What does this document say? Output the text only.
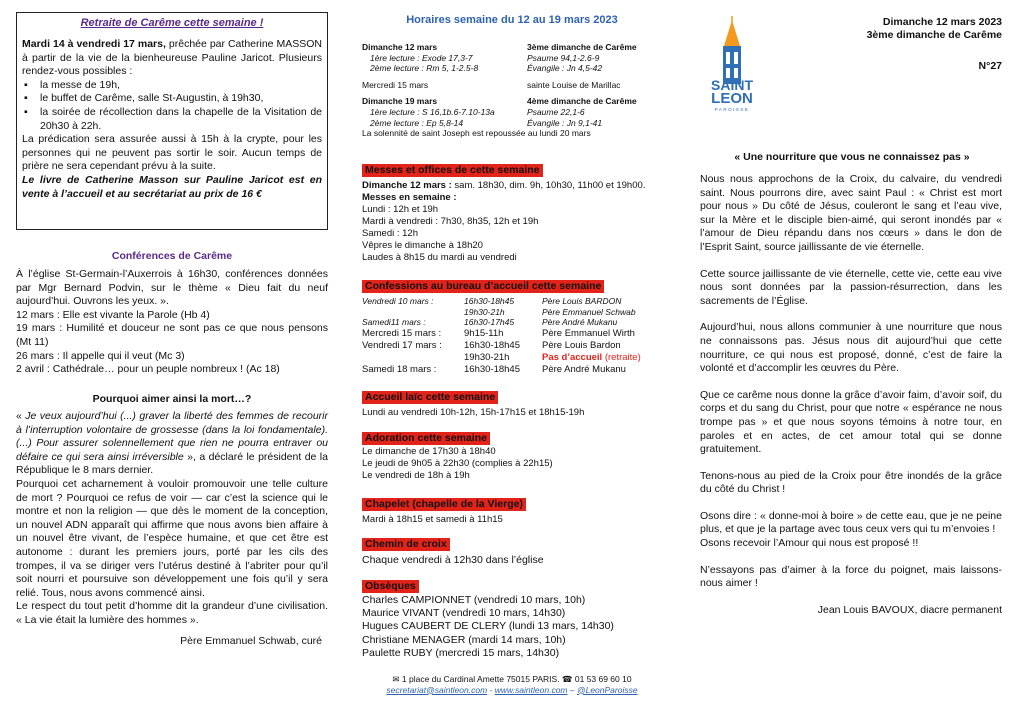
Retraite de Carême cette semaine !

Mardi 14 à vendredi 17 mars, prêchée par Catherine MASSON à partir de la vie de la bienheureuse Pauline Jaricot. Plusieurs rendez-vous possibles :

▪ la messe de 19h,
▪ le buffet de Carême, salle St-Augustin, à 19h30,
▪ la soirée de récollection dans la chapelle de la Visitation de 20h30 à 22h.

La prédication sera assurée aussi à 15h à la crypte, pour les personnes qui ne peuvent pas sortir le soir. Aucun temps de prière ne sera cependant prévu à la suite.

Le livre de Catherine Masson sur Pauline Jaricot est en vente à l’accueil et au secrétariat au prix de 16 €

Conférences de Carême

À l’église St-Germain-l’Auxerrois à 16h30, conférences données par Mgr Bernard Podvin, sur le thème « Dieu fait du neuf aujourd’hui. Ouvrons les yeux. ».

12 mars : Elle est vivante la Parole (Hb 4)

19 mars : Humilité et douceur ne sont pas ce que nous pensons (Mt 11)

26 mars : Il appelle qui il veut (Mc 3)

2 avril : Cathédrale… pour un peuple nombreux ! (Ac 18)

Pourquoi aimer ainsi la mort…?

« Je veux aujourd’hui (...) graver la liberté des femmes de recourir à l’interruption volontaire de grossesse (dans la loi fondamentale). (...) Pour assurer solennellement que rien ne pourra entraver ou défaire ce qui sera ainsi irréversible », a déclaré le président de la République le 8 mars dernier.

Pourquoi cet acharnement à vouloir promouvoir une telle culture de mort ? Pourquoi ce refus de voir — car c’est la science qui le montre et non la religion — que dès le moment de la conception, un nouvel ADN apparaît qui affirme que nous avons bien affaire à un nouvel être vivant, de l’espèce humaine, et que cet être est autonome : durant les premiers jours, porté par les cils des trompes, il va se diriger vers l’utérus destiné à l’abriter pour qu’il soit nourri et poursuive son développement une fois qu’il y sera relié. Tous, nous avons commencé ainsi.

Le respect du tout petit d’homme dit la grandeur d’une civilisation. « La vie était la lumière des hommes ».

Père Emmanuel Schwab, curé

Horaires semaine du 12 au 19 mars 2023

Dimanche 12 mars	3ème dimanche de Carême
1ère lecture : Exode 17,3-7	Psaume 94,1-2.6-9
2ème lecture : Rm 5, 1-2.5-8	Évangile : Jn 4,5-42
Mercredi 15 mars	sainte Louise de Marillac
Dimanche 19 mars	4ème dimanche de Carême
1ère lecture : S 16,1b.6-7.10-13a	Psaume 22,1-6
2ème lecture : Ep 5,8-14	Évangile : Jn 9,1-41

La solennité de saint Joseph est repoussée au lundi 20 mars

Messes et offices de cette semaine

Dimanche 12 mars : sam. 18h30, dim. 9h, 10h30, 11h00 et 19h00.

Messes en semaine :

Lundi : 12h et 19h

Mardi à vendredi : 7h30, 8h35, 12h et 19h

Samedi : 12h

Vêpres le dimanche à 18h20

Laudes à 8h15 du mardi au vendredi

Confessions au bureau d’accueil cette semaine
Vendredi 10 mars :	16h30-18h45	Père Louis BARDON
19h30-21h	Père Emmanuel Schwab
Samedi11 mars :	16h30-17h45	Père André Mukanu
Mercredi 15 mars :	9h15-11h	Père Emmanuel Wirth
Vendredi 17 mars :	16h30-18h45	Père Louis Bardon
19h30-21h	Pas d’accueil (retraite)
Samedi 18 mars :	16h30-18h45	Père André Mukanu
Accueil laïc cette semaine

Lundi au vendredi 10h-12h, 15h-17h15 et 18h15-19h

Adoration cette semaine

Le dimanche de 17h30 à 18h40

Le jeudi de 9h05 à 22h30 (complies à 22h15)

Le vendredi de 18h à 19h

Chapelet (chapelle de la Vierge)

Mardi à 18h15 et samedi à 11h15

Chemin de croix

Chaque vendredi à 12h30 dans l’église

Obsèques

Charles CAMPIONNET (vendredi 10 mars, 10h)

Maurice VIVANT (vendredi 10 mars, 14h30)

Hugues CAUBERT DE CLERY (lundi 13 mars, 14h30)

Christiane MENAGER (mardi 14 mars, 10h)

Paulette RUBY (mercredi 15 mars, 14h30)

✉ 1 place du Cardinal Amette 75015 PARIS. ☎ 01 53 69 60 10

secretariat@saintleon.com - www.saintleon.com – @LeonParoisse

SAINT
LEON
PAROISSE

Dimanche 12 mars 2023

3ème dimanche de Carême

N°27

« Une nourriture que vous ne connaissez pas »

Nous nous approchons de la Croix, du calvaire, du vendredi saint. Nous pourrons dire, avec saint Paul : « Christ est mort pour nous » Du côté de Jésus, couleront le sang et l’eau vive, sur la Mère et le disciple bien-aimé, qui seront inondés par « l’amour de Dieu répandu dans nos cœurs » dans le don de l’Esprit Saint, source jaillissante de vie éternelle.

Cette source jaillissante de vie éternelle, cette vie, cette eau vive nous sont données par la passion-résurrection, dans les sacrements de l’Église.

Aujourd’hui, nous allons communier à une nourriture que nous ne connaissons pas. Jésus nous dit aujourd’hui que cette nourriture, ce qui nous est proposé, donné, c’est de faire la volonté et d’accomplir les œuvres du Père.

Que ce carême nous donne la grâce d’avoir faim, d’avoir soif, du corps et du sang du Christ, pour que notre « espérance ne nous trompe pas » et que nous soyons témoins à notre tour, en paroles et en actes, de cet amour total qui se donne gratuitement.

Tenons-nous au pied de la Croix pour être inondés de la grâce du côté du Christ !

Osons dire : « donne-moi à boire » de cette eau, que je ne peine plus, et que je la partage avec tous ceux vers qui tu m’envoies !

Osons recevoir l’Amour qui nous est proposé !!

N’essayons pas d’aimer à la force du poignet, mais laissons-nous aimer !

Jean Louis BAVOUX, diacre permanent
